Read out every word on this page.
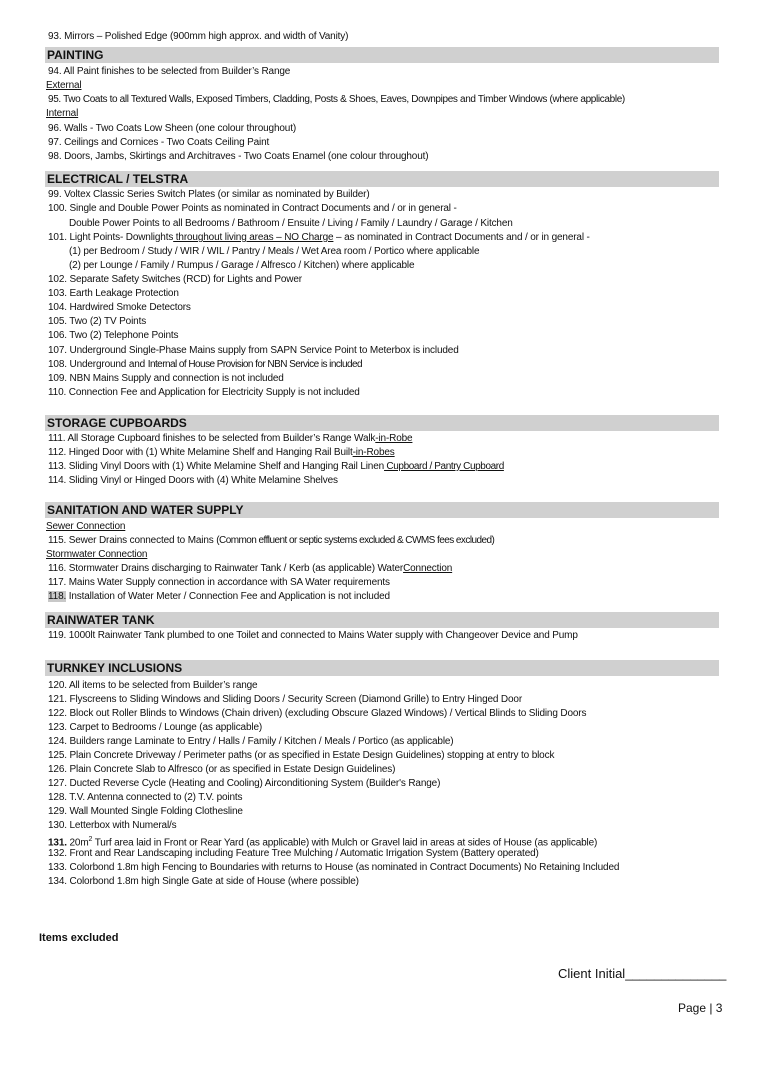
93. Mirrors – Polished Edge (900mm high approx. and width of Vanity)
PAINTING
94. All Paint finishes to be selected from Builder’s Range
External
95. Two Coats to all Textured Walls, Exposed Timbers, Cladding, Posts & Shoes, Eaves, Downpipes and Timber Windows (where applicable)
Internal
96. Walls - Two Coats Low Sheen (one colour throughout)
97. Ceilings and Cornices - Two Coats Ceiling Paint
98. Doors, Jambs, Skirtings and Architraves - Two Coats Enamel (one colour throughout)
ELECTRICAL / TELSTRA
99. Voltex Classic Series Switch Plates (or similar as nominated by Builder)
100. Single and Double Power Points as nominated in Contract Documents and / or in general -
Double Power Points to all Bedrooms / Bathroom / Ensuite / Living / Family / Laundry / Garage / Kitchen
101. Light Points- Downlights throughout living areas – NO Charge – as nominated in Contract Documents and / or in general -
(1) per Bedroom / Study / WIR / WIL / Pantry / Meals / Wet Area room / Portico where applicable
(2) per Lounge / Family / Rumpus / Garage / Alfresco / Kitchen) where applicable
102. Separate Safety Switches (RCD) for Lights and Power
103. Earth Leakage Protection
104. Hardwired Smoke Detectors
105. Two (2) TV Points
106. Two (2) Telephone Points
107. Underground Single-Phase Mains supply from SAPN Service Point to Meterbox is included
108. Underground and Internal of House Provision for NBN Service is included
109. NBN Mains Supply and connection is not included
110. Connection Fee and Application for Electricity Supply is not included
STORAGE CUPBOARDS
111. All Storage Cupboard finishes to be selected from Builder’s Range Walk-in-Robe
112. Hinged Door with (1) White Melamine Shelf and Hanging Rail Built-in-Robes
113. Sliding Vinyl Doors with (1) White Melamine Shelf and Hanging Rail Linen Cupboard / Pantry Cupboard
114. Sliding Vinyl or Hinged Doors with (4) White Melamine Shelves
SANITATION AND WATER SUPPLY
Sewer Connection
115. Sewer Drains connected to Mains (Common effluent or septic systems excluded & CWMS fees excluded)
Stormwater Connection
116. Stormwater Drains discharging to Rainwater Tank / Kerb (as applicable) WaterConnection
117. Mains Water Supply connection in accordance with SA Water requirements
118. Installation of Water Meter / Connection Fee and Application is not included
RAINWATER TANK
119. 1000lt Rainwater Tank plumbed to one Toilet and connected to Mains Water supply with Changeover Device and Pump
TURNKEY INCLUSIONS
120. All items to be selected from Builder’s range
121. Flyscreens to Sliding Windows and Sliding Doors / Security Screen (Diamond Grille) to Entry Hinged Door
122. Block out Roller Blinds to Windows (Chain driven) (excluding Obscure Glazed Windows) / Vertical Blinds to Sliding Doors
123. Carpet to Bedrooms / Lounge (as applicable)
124. Builders range Laminate to Entry / Halls / Family / Kitchen / Meals / Portico (as applicable)
125. Plain Concrete Driveway / Perimeter paths (or as specified in Estate Design Guidelines) stopping at entry to block
126. Plain Concrete Slab to Alfresco (or as specified in Estate Design Guidelines)
127. Ducted Reverse Cycle (Heating and Cooling) Airconditioning System (Builder's Range)
128. T.V. Antenna connected to (2) T.V. points
129. Wall Mounted Single Folding Clothesline
130. Letterbox with Numeral/s
131. $20m^2$ Turf area laid in Front or Rear Yard (as applicable) with Mulch or Gravel laid in areas at sides of House (as applicable)
132. Front and Rear Landscaping including Feature Tree Mulching / Automatic Irrigation System (Battery operated)
133. Colorbond 1.8m high Fencing to Boundaries with returns to House (as nominated in Contract Documents) No Retaining Included
134. Colorbond 1.8m high Single Gate at side of House (where possible)
Items excluded
Client Initial______________
Page | 3
